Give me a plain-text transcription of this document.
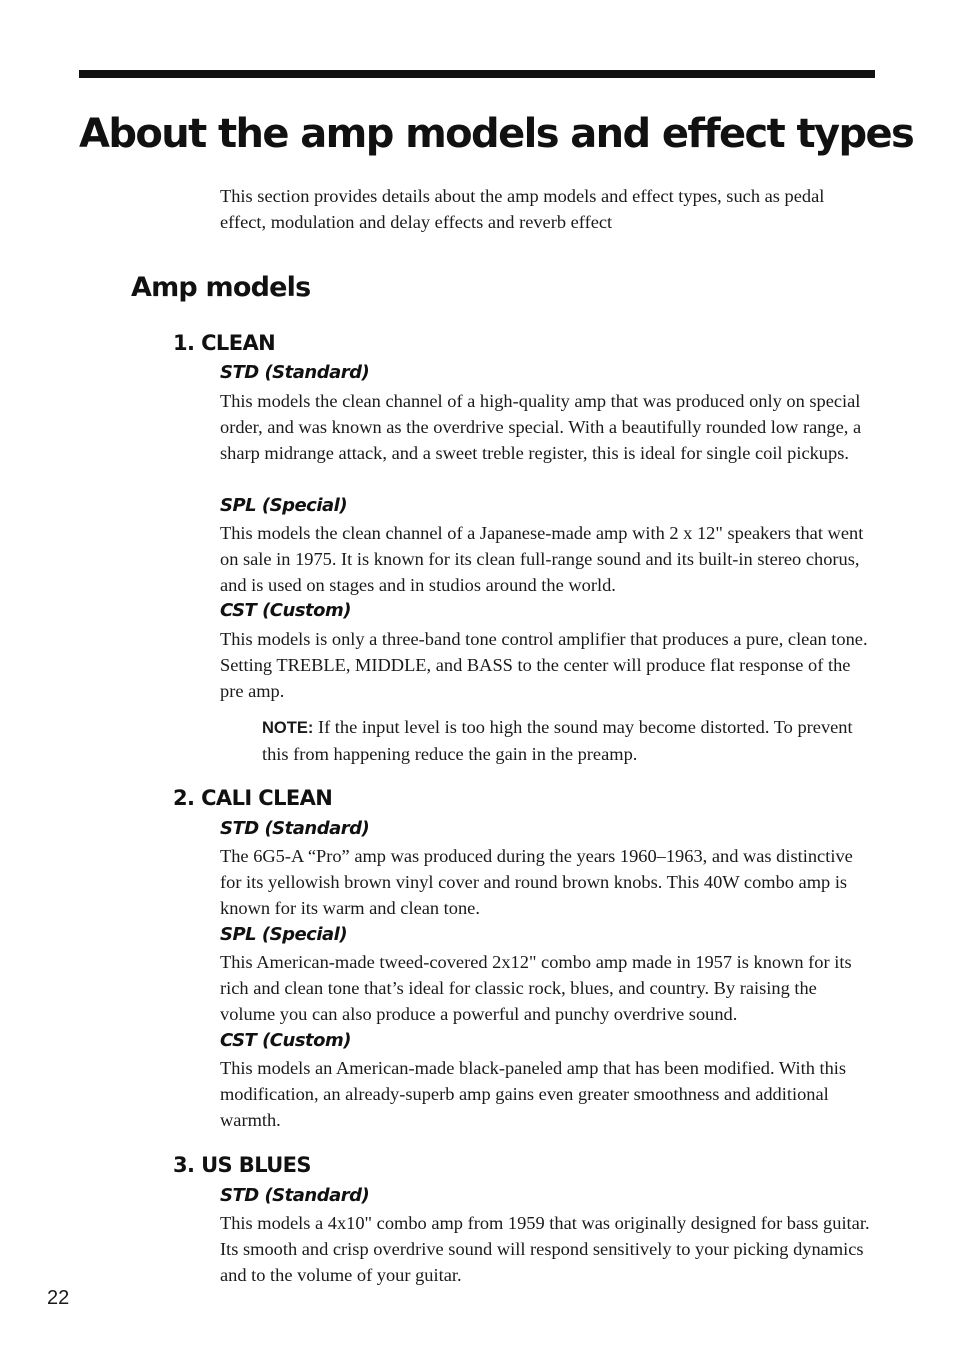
About the amp models and effect types

This section provides details about the amp models and effect types, such as pedal effect, modulation and delay effects and reverb effect

Amp models
1. CLEAN
STD (Standard)

This models the clean channel of a high-quality amp that was produced only on special order, and was known as the overdrive special. With a beautifully rounded low range, a sharp midrange attack, and a sweet treble register, this is ideal for single coil pickups.

SPL (Special)

This models the clean channel of a Japanese-made amp with 2 x 12" speakers that went on sale in 1975. It is known for its clean full-range sound and its built-in stereo chorus, and is used on stages and in studios around the world.

CST (Custom)

This models is only a three-band tone control amplifier that produces a pure, clean tone. Setting TREBLE, MIDDLE, and BASS to the center will produce flat response of the pre amp.

NOTE: If the input level is too high the sound may become distorted. To prevent this from happening reduce the gain in the preamp.

2. CALI CLEAN
STD (Standard)

The 6G5-A “Pro” amp was produced during the years 1960–1963, and was distinctive for its yellowish brown vinyl cover and round brown knobs. This 40W combo amp is known for its warm and clean tone.

SPL (Special)

This American-made tweed-covered 2x12" combo amp made in 1957 is known for its rich and clean tone that’s ideal for classic rock, blues, and country. By raising the volume you can also produce a powerful and punchy overdrive sound.

CST (Custom)

This models an American-made black-paneled amp that has been modified. With this modification, an already-superb amp gains even greater smoothness and additional warmth.

3. US BLUES
STD (Standard)

This models a 4x10" combo amp from 1959 that was originally designed for bass guitar. Its smooth and crisp overdrive sound will respond sensitively to your picking dynamics and to the volume of your guitar.

22
